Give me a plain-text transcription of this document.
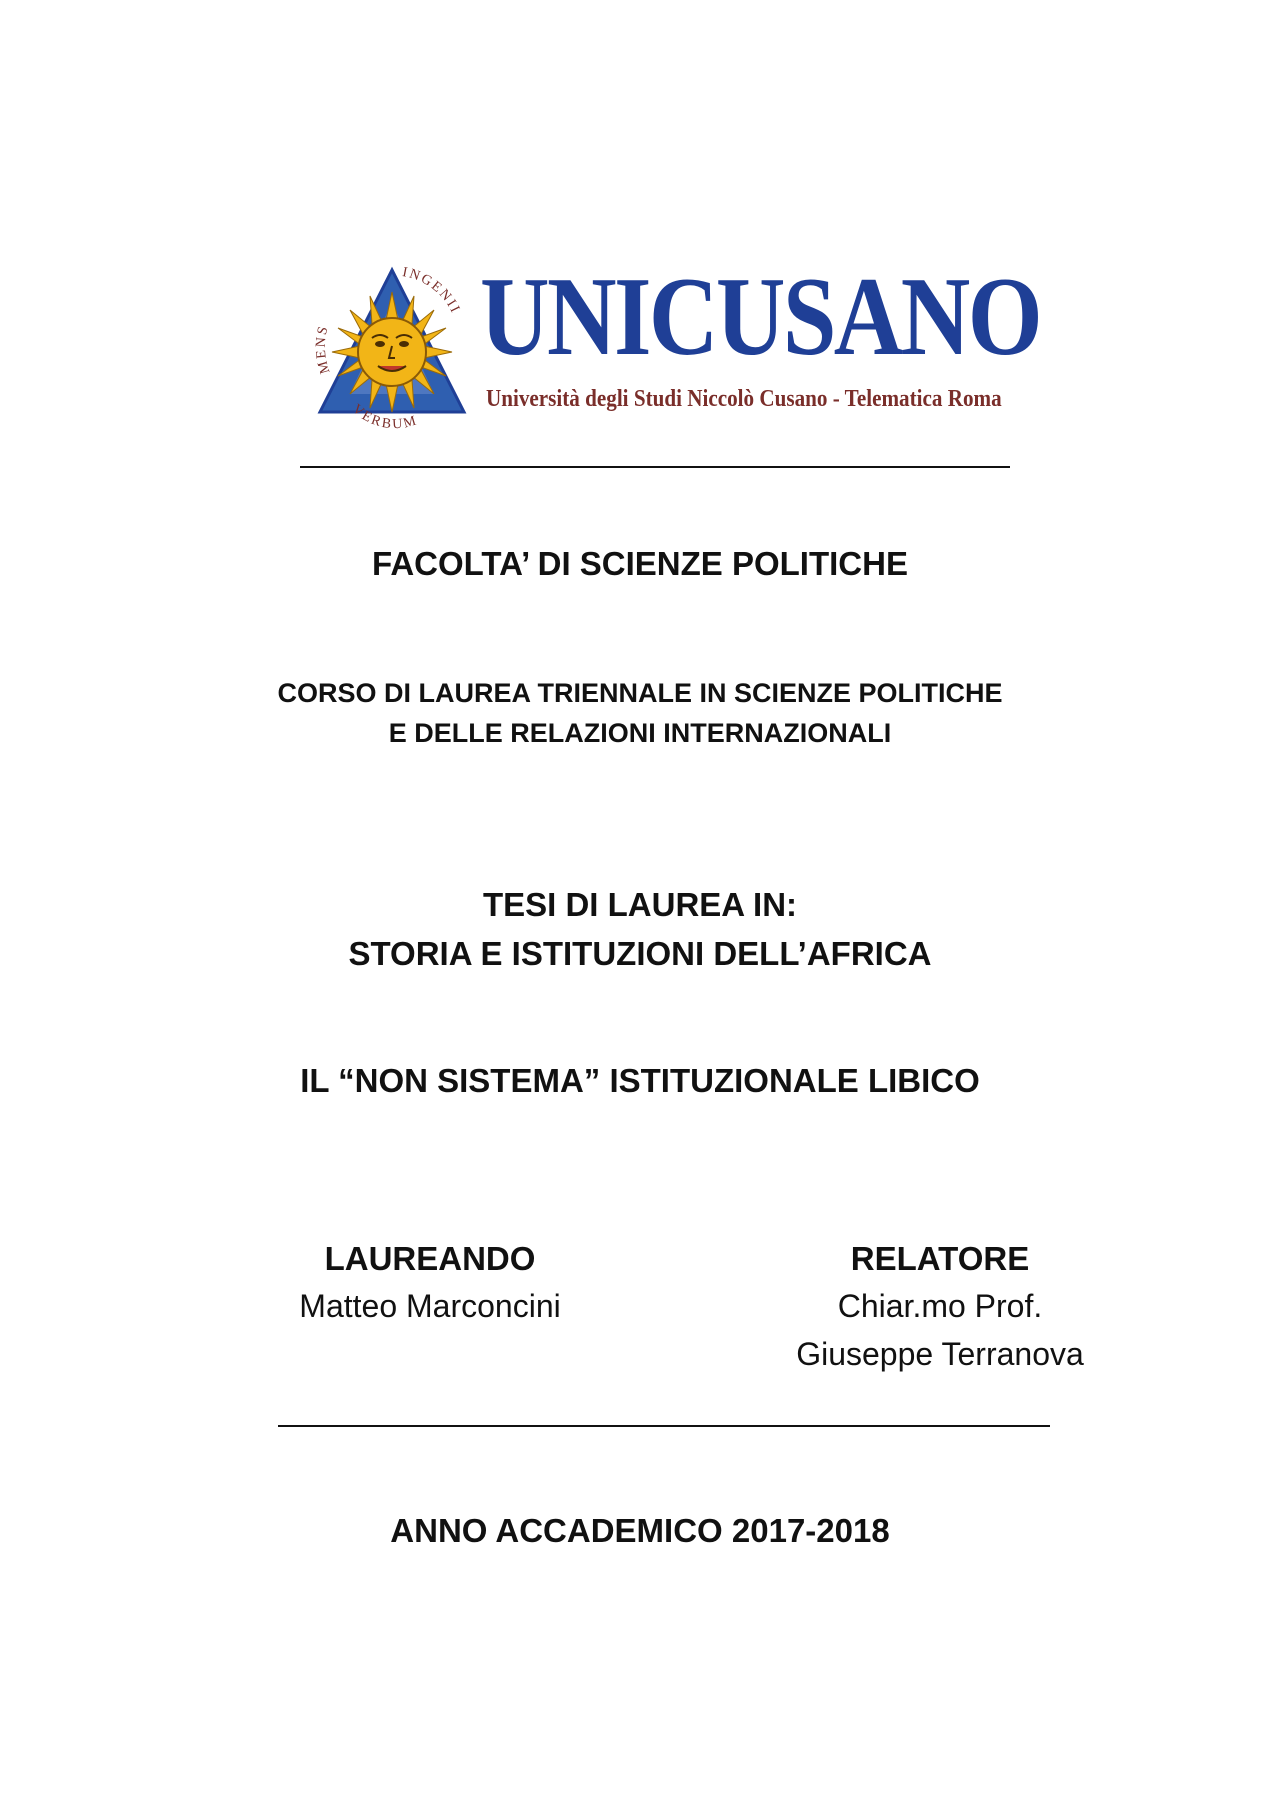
MENS
INGENII
VERBUM
UNICUSANO
Università degli Studi Niccolò Cusano - Telematica Roma
FACOLTA’ DI SCIENZE POLITICHE
CORSO DI LAUREA TRIENNALE IN SCIENZE POLITICHE
E DELLE RELAZIONI INTERNAZIONALI
TESI DI LAUREA IN:
STORIA E ISTITUZIONI DELL’AFRICA
IL “NON SISTEMA” ISTITUZIONALE LIBICO
LAUREANDO
Matteo Marconcini
RELATORE
Chiar.mo Prof.
Giuseppe Terranova
ANNO ACCADEMICO 2017-2018
